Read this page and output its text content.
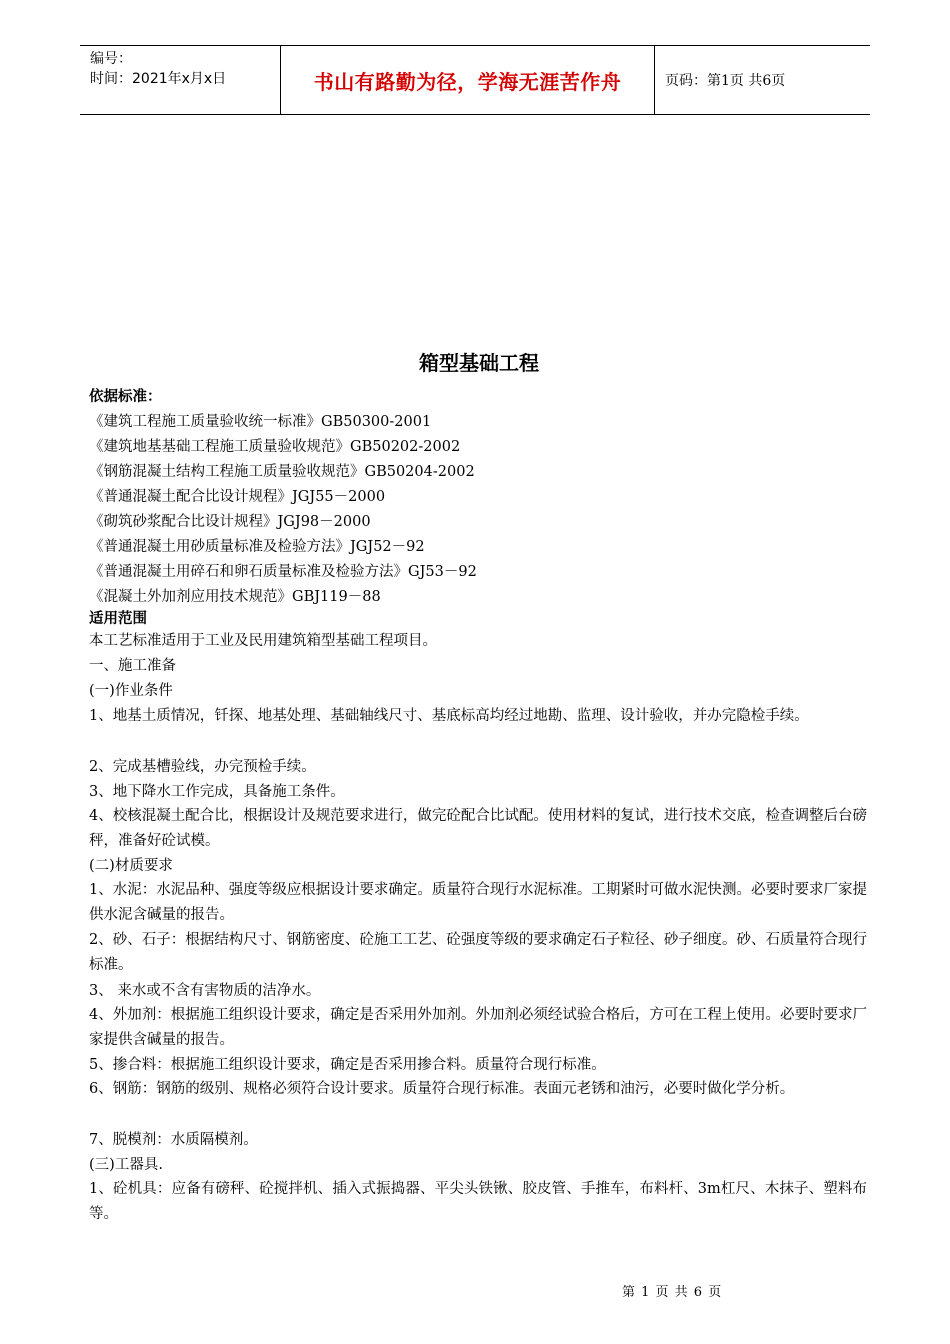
编号：
时间：2021年x月x日	书山有路勤为径，学海无涯苦作舟	页码：第1页 共6页
箱型基础工程
依据标准：
《建筑工程施工质量验收统一标准》GB50300-2001
《建筑地基基础工程施工质量验收规范》GB50202-2002
《钢筋混凝土结构工程施工质量验收规范》GB50204-2002
《普通混凝土配合比设计规程》JGJ55－2000
《砌筑砂浆配合比设计规程》JGJ98－2000
《普通混凝土用砂质量标准及检验方法》JGJ52－92
《普通混凝土用碎石和卵石质量标准及检验方法》GJ53－92
《混凝土外加剂应用技术规范》GBJ119－88
适用范围
本工艺标准适用于工业及民用建筑箱型基础工程项目。
一、施工准备
(一)作业条件
1、地基土质情况，钎探、地基处理、基础轴线尺寸、基底标高均经过地勘、监理、设计验收，并办完隐检手续。
2、完成基槽验线，办完预检手续。
3、地下降水工作完成，具备施工条件。
4、校核混凝土配合比，根据设计及规范要求进行，做完砼配合比试配。使用材料的复试，进行技术交底，检查调整后台磅秤，准备好砼试模。
(二)材质要求
1、水泥：水泥品种、强度等级应根据设计要求确定。质量符合现行水泥标准。工期紧时可做水泥快测。必要时要求厂家提供水泥含碱量的报告。
2、砂、石子：根据结构尺寸、钢筋密度、砼施工工艺、砼强度等级的要求确定石子粒径、砂子细度。砂、石质量符合现行标准。
3、 来水或不含有害物质的洁净水。
4、外加剂：根据施工组织设计要求，确定是否采用外加剂。外加剂必须经试验合格后，方可在工程上使用。必要时要求厂家提供含碱量的报告。
5、掺合料：根据施工组织设计要求，确定是否采用掺合料。质量符合现行标准。
6、钢筋：钢筋的级别、规格必须符合设计要求。质量符合现行标准。表面元老锈和油污，必要时做化学分析。
7、脱模剂：水质隔模剂。
(三)工器具.
1、砼机具：应备有磅秤、砼搅拌机、插入式振捣器、平尖头铁锹、胶皮管、手推车，布料杆、3m杠尺、木抹子、塑料布等。
第 1 页 共 6 页
